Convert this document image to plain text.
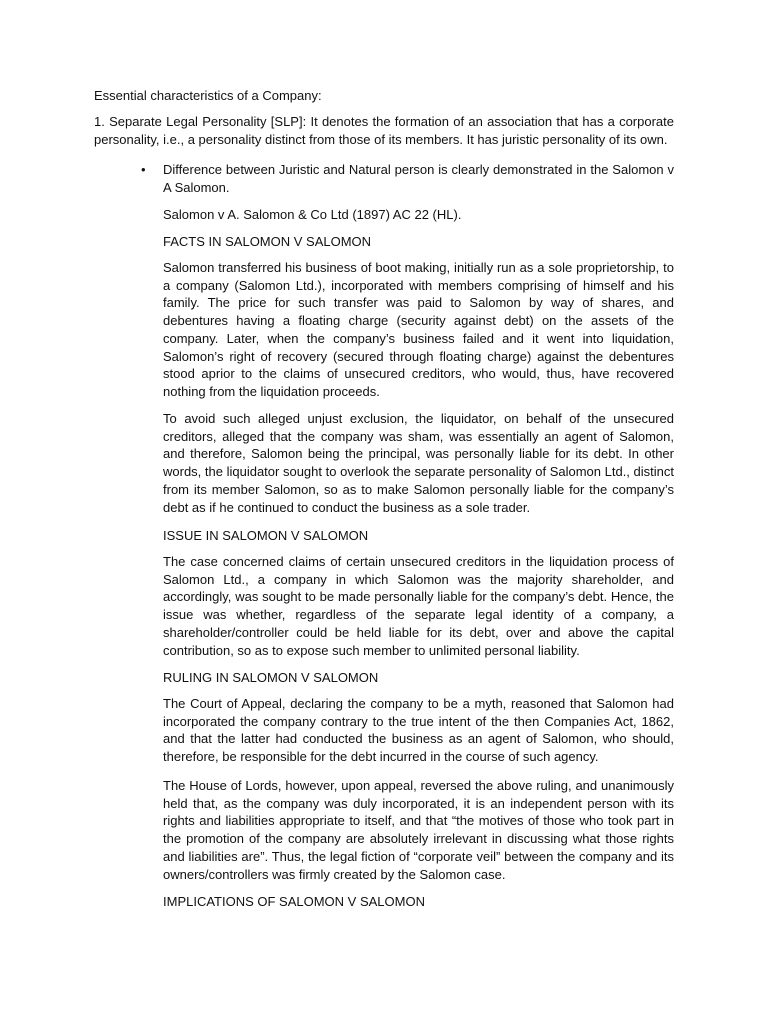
Essential characteristics of a Company:
1. Separate Legal Personality [SLP]: It denotes the formation of an association that has a corporate personality, i.e., a personality distinct from those of its members. It has juristic personality of its own.
• Difference between Juristic and Natural person is clearly demonstrated in the Salomon v A Salomon.
Salomon v A. Salomon & Co Ltd (1897) AC 22 (HL).
FACTS IN SALOMON V SALOMON
Salomon transferred his business of boot making, initially run as a sole proprietorship, to a company (Salomon Ltd.), incorporated with members comprising of himself and his family. The price for such transfer was paid to Salomon by way of shares, and debentures having a floating charge (security against debt) on the assets of the company. Later, when the company’s business failed and it went into liquidation, Salomon’s right of recovery (secured through floating charge) against the debentures stood aprior to the claims of unsecured creditors, who would, thus, have recovered nothing from the liquidation proceeds.
To avoid such alleged unjust exclusion, the liquidator, on behalf of the unsecured creditors, alleged that the company was sham, was essentially an agent of Salomon, and therefore, Salomon being the principal, was personally liable for its debt. In other words, the liquidator sought to overlook the separate personality of Salomon Ltd., distinct from its member Salomon, so as to make Salomon personally liable for the company’s debt as if he continued to conduct the business as a sole trader.
ISSUE IN SALOMON V SALOMON
The case concerned claims of certain unsecured creditors in the liquidation process of Salomon Ltd., a company in which Salomon was the majority shareholder, and accordingly, was sought to be made personally liable for the company’s debt. Hence, the issue was whether, regardless of the separate legal identity of a company, a shareholder/controller could be held liable for its debt, over and above the capital contribution, so as to expose such member to unlimited personal liability.
RULING IN SALOMON V SALOMON
The Court of Appeal, declaring the company to be a myth, reasoned that Salomon had incorporated the company contrary to the true intent of the then Companies Act, 1862, and that the latter had conducted the business as an agent of Salomon, who should, therefore, be responsible for the debt incurred in the course of such agency.
The House of Lords, however, upon appeal, reversed the above ruling, and unanimously held that, as the company was duly incorporated, it is an independent person with its rights and liabilities appropriate to itself, and that “the motives of those who took part in the promotion of the company are absolutely irrelevant in discussing what those rights and liabilities are”. Thus, the legal fiction of “corporate veil” between the company and its owners/controllers was firmly created by the Salomon case.
IMPLICATIONS OF SALOMON V SALOMON
